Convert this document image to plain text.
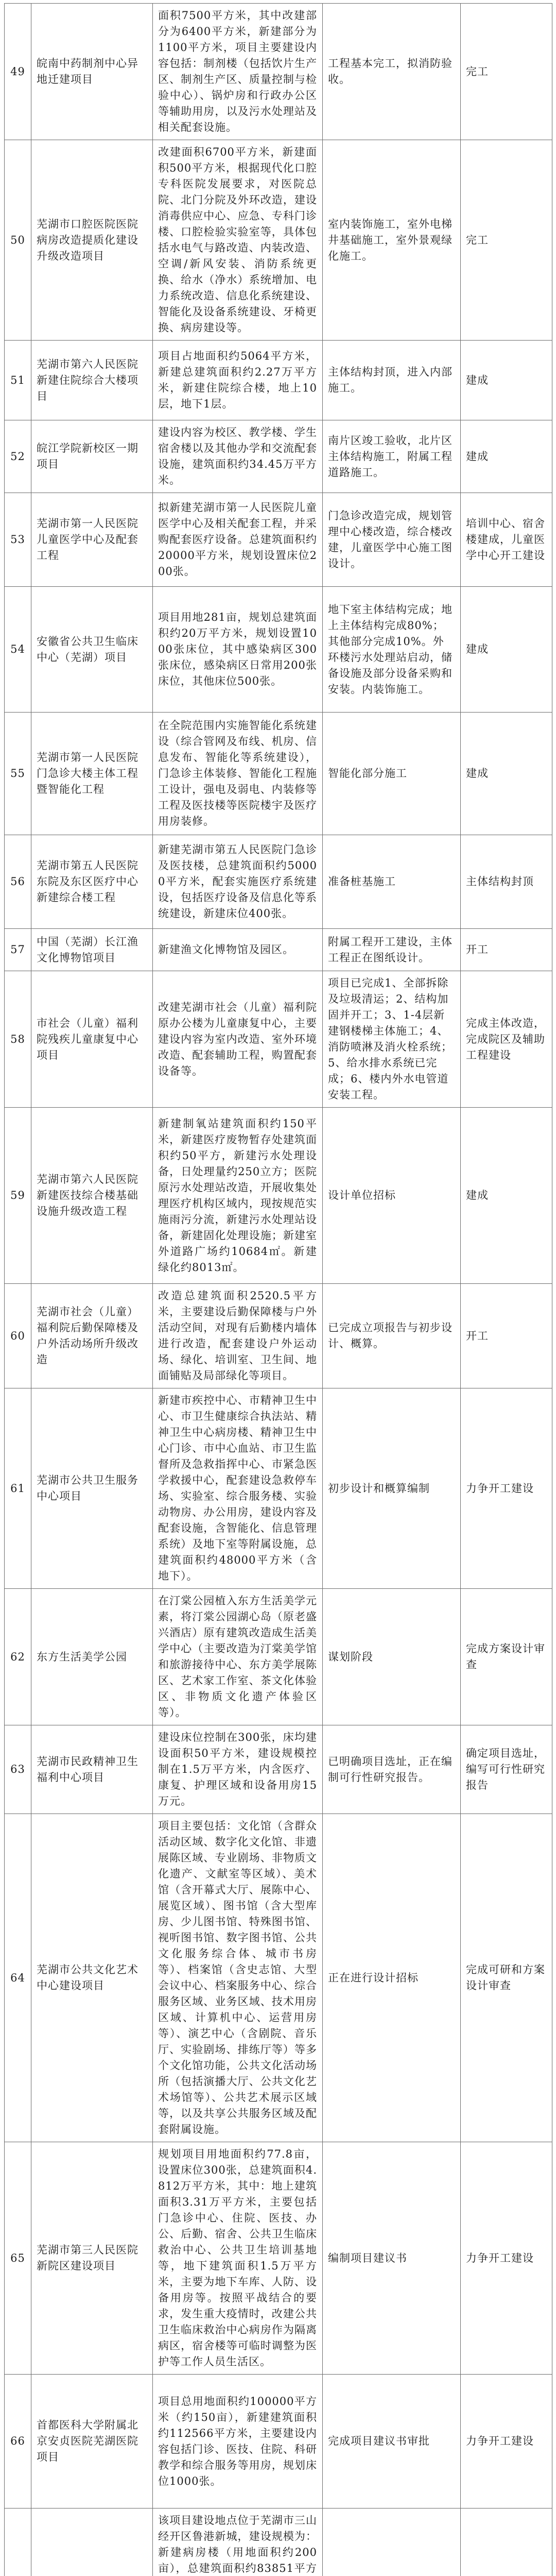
49	皖南中药制剂中心异地迁建项目	面积7500平方米，其中改建部分为6400平方米，新建部分为1100平方米，项目主要建设内容包括：制剂楼（包括饮片生产区、制剂生产区、质量控制与检验中心）、锅炉房和行政办公区等辅助用房，以及污水处理站及相关配套设施。	工程基本完工，拟消防验收。	完工
50	芜湖市口腔医院医院病房改造提质化建设升级改造项目	改建面积6700平方米，新建面积500平方米，根据现代化口腔专科医院发展要求，对医院总院、北门分院及外环改造，建设消毒供应中心、应急、专科门诊楼、口腔检验实验室等，具体包括水电气与路改造、内装改造、空调/新风安装、消防系统更换、给水（净水）系统增加、电力系统改造、信息化系统建设、智能化及设备系统建设、牙椅更换、病房建设等。	室内装饰施工，室外电梯井基础施工，室外景观绿化施工。	完工
51	芜湖市第六人民医院新建住院综合大楼项目	项目占地面积约5064平方米，新建总建筑面积约2.27万平方米，新建住院综合楼，地上10层，地下1层。	主体结构封顶，进入内部施工。	建成
52	皖江学院新校区一期项目	建设内容为校区、教学楼、学生宿舍楼以及其他办学和交流配套设施，建筑面积约34.45万平方米。	南片区竣工验收，北片区主体结构施工，附属工程道路施工。	建成
53	芜湖市第一人民医院儿童医学中心及配套工程	拟新建芜湖市第一人民医院儿童医学中心及相关配套工程，并采购配套医疗设备。总建筑面积约20000平方米，规划设置床位200张。	门急诊改造完成，规划管理中心楼改造，综合楼改建，儿童医学中心施工图设计。	培训中心、宿舍楼建成，儿童医学中心开工建设
54	安徽省公共卫生临床中心（芜湖）项目	项目用地281亩，规划总建筑面积约20万平方米，规划设置1000张床位，其中感染病区300张床位，感染病区日常用200张床位，其他床位500张。	地下室主体结构完成；地上主体结构完成80%；其他部分完成10%。外环楼污水处理站启动，储备设施及部分设备采购和安装。内装饰施工。	建成
55	芜湖市第一人民医院门急诊大楼主体工程暨智能化工程	在全院范围内实施智能化系统建设（综合管网及布线、机房、信息发布、智能化等系统建设），门急诊主体装修、智能化工程施工设计，强电及弱电、内装修等工程及医技楼等医院楼宇及医疗用房装修。	智能化部分施工	建成
56	芜湖市第五人民医院东院及东区医疗中心新建综合楼工程	新建芜湖市第五人民医院门急诊及医技楼，总建筑面积约50000平方米，配套实施医疗系统建设，包括医疗设备及信息化等系统建设，新建床位400张。	准备桩基施工	主体结构封顶
57	中国（芜湖）长江渔文化博物馆项目	新建渔文化博物馆及园区。	附属工程开工建设，主体工程正在图纸设计。	开工
58	市社会（儿童）福利院残疾儿童康复中心项目	改建芜湖市社会（儿童）福利院原办公楼为儿童康复中心，主要建设内容为室内改造、室外环境改造、配套辅助工程，购置配套设备等。	项目已完成1、全部拆除及垃圾清运；2、结构加固并开工；3、1-4层新建钢楼梯主体施工；4、消防喷淋及消火栓系统；5、给水排水系统已完成；6、楼内外水电管道安装工程。	完成主体改造，完成院区及辅助工程建设
59	芜湖市第六人民医院新建医技综合楼基础设施升级改造工程	新建制氧站建筑面积约150平米，新建医疗废物暂存处建筑面积约50平方，新建污水处理设备，日处理量约250立方；医院原污水处理站改造，开展收集处理医疗机构区域内，现按规范实施雨污分流，新建污水处理站设备，新建固化处理设施；新建室外道路广场约10684㎡。新建绿化约8013㎡。	设计单位招标	建成
60	芜湖市社会（儿童）福利院后勤保障楼及户外活动场所升级改造	改造总建筑面积2520.5平方米，主要建设后勤保障楼与户外活动空间，对现有后勤楼内墙体进行改造，配套建设户外运动场、绿化、培训室、卫生间、地面铺贴及局部绿化等项目。	已完成立项报告与初步设计、概算。	开工
61	芜湖市公共卫生服务中心项目	新建市疾控中心、市精神卫生中心、市卫生健康综合执法站、精神卫生中心病房楼、精神卫生中心门诊、市中心血站、市卫生监督所及急救指挥中心、市紧急医学救援中心，配套建设急救停车场、实验室、综合服务楼、实验动物房、办公用房，建设内容及配套设施，含智能化、信息管理系统）及地下室等附属设施，总建筑面积约48000平方米（含地下）。	初步设计和概算编制	力争开工建设
62	东方生活美学公园	在汀棠公园植入东方生活美学元素，将汀棠公园湖心岛（原老盛兴酒店）原有建筑改造成生活美学中心（主要改造为汀棠美学馆和旅游接待中心、东方美学展陈区、艺术家工作室、茶文化体验区、非物质文化遗产体验区等）。	谋划阶段	完成方案设计审查
63	芜湖市民政精神卫生福利中心项目	建设床位控制在300张，床均建设面积50平方米，建设规模控制在1.5万平方米，内含医疗、康复、护理区域和设备用房15万元。	已明确项目选址，正在编制可行性研究报告。	确定项目选址，编写可行性研究报告
64	芜湖市公共文化艺术中心建设项目	项目主要包括：文化馆（含群众活动区域、数字化文化馆、非遗展陈区域、专业剧场、非物质文化遗产、文献室等区域）、美术馆（含开幕式大厅、展陈中心、展览区域）、图书馆（含大型库房、少儿图书馆、特殊图书馆、视听图书馆、数字图书馆、公共文化服务综合体、城市书房等）、档案馆（含史志馆、大型会议中心、档案服务中心、综合服务区域、业务区域、技术用房区域、计算机中心、运营用房等）、演艺中心（含剧院、音乐厅、实验剧场、排练厅等）等多个文化馆功能，公共文化活动场所（包括演播大厅、公共文化艺术场馆等）、公共艺术展示区域等，以及共享公共服务区域及配套附属设施。	正在进行设计招标	完成可研和方案设计审查
65	芜湖市第三人民医院新院区建设项目	规划项目用地面积约77.8亩，设置床位300张，总建筑面积4.812万平方米，其中：地上建筑面积3.31万平方米，主要包括门急诊中心、住院、医技、办公、后勤、宿舍、公共卫生临床救治中心、公共卫生培训基地等，地下建筑面积1.5万平方米，主要为地下车库、人防、设备用房等。按照平战结合的要求，发生重大疫情时，改建公共卫生临床救治中心病房作为隔离病区，宿舍楼等可临时调整为医护等工作人员生活区。	编制项目建议书	力争开工建设
66	首都医科大学附属北京安贞医院芜湖医院项目	项目总用地面积约100000平方米（约150亩），新建建筑面积约112566平方米，主要建设内容包括门诊、医技、住院、科研教学和综合服务等用房，规划床位1000张。	完成项目建议书审批	力争开工建设
		该项目建设地点位于芜湖市三山经开区鲁港新城，建设规模为：新建病房楼（用地面积约200亩），总建筑面积约83851平方		
